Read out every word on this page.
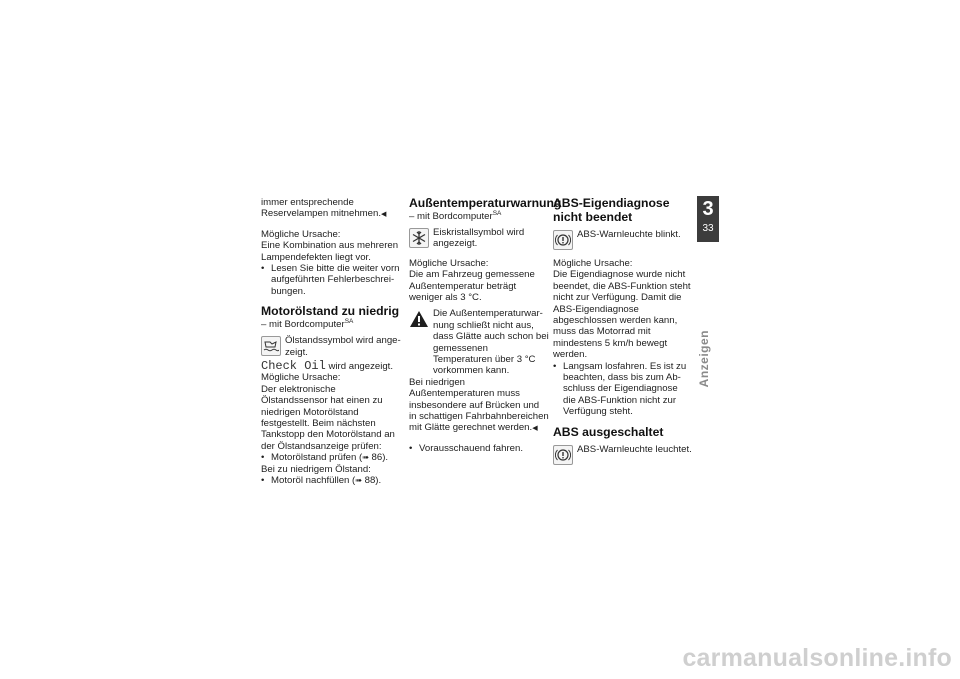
immer entsprechende
Reservelampen mitnehmen.◀

Mögliche Ursache:

Eine Kombination aus mehreren Lampendefekten liegt vor.

• Lesen Sie bitte die weiter vorn aufgeführten Fehlerbeschreibungen.
Motorölstand zu niedrig

– mit Bordcomputer$^{SA}$

Ölstandssymbol wird angezeigt.

Check Oil wird angezeigt.

Mögliche Ursache:

Der elektronische Ölstandssensor hat einen zu niedrigen Motorölstand festgestellt. Beim nächsten Tankstopp den Motorölstand an der Ölstandsanzeige prüfen:

• Motorölstand prüfen (➠ 86).

Bei zu niedrigem Ölstand:

• Motoröl nachfüllen (➠ 88).
Außentemperaturwarnung

– mit Bordcomputer$^{SA}$

Eiskristallsymbol wird angezeigt.

Mögliche Ursache:

Die am Fahrzeug gemessene Außentemperatur beträgt weniger als 3 °C.

Die Außentemperaturwarnung schließt nicht aus, dass Glätte auch schon bei gemessenen Temperaturen über 3 °C vorkommen kann.

Bei niedrigen Außentemperaturen muss insbesondere auf Brücken und in schattigen Fahrbahnbereichen mit Glätte gerechnet werden.◀

• Vorausschauend fahren.
ABS-Eigendiagnose nicht beendet
ABS-Warnleuchte blinkt.

Mögliche Ursache:

Die Eigendiagnose wurde nicht beendet, die ABS-Funktion steht nicht zur Verfügung. Damit die ABS-Eigendiagnose abgeschlossen werden kann, muss das Motorrad mit mindestens 5 km/h bewegt werden.

• Langsam losfahren. Es ist zu beachten, dass bis zum Abschluss der Eigendiagnose die ABS-Funktion nicht zur Verfügung steht.
ABS ausgeschaltet
ABS-Warnleuchte leuchtet.
3
33
Anzeigen
carmanualsonline.info
